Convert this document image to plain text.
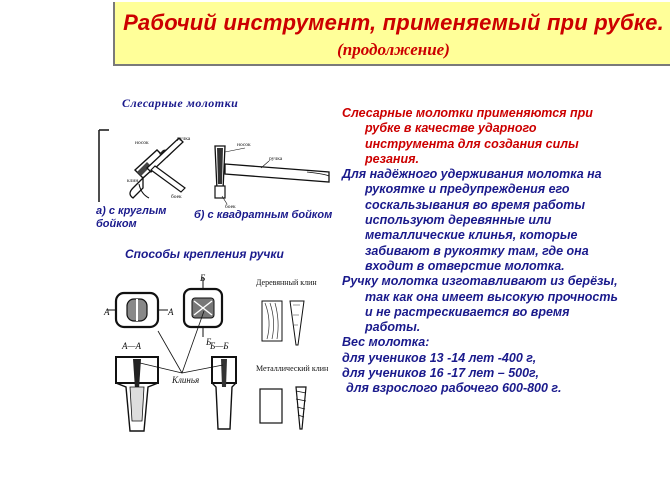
Рабочий инструмент, применяемый при рубке.
(продолжение)
Слесарные молотки
носок
ручка
клин
боек
носок
ручка
боек
а) с круглым
бойком
б) с квадратным бойком
Способы крепления ручки
А	А
Б
Б
А—А	Б—Б
Клинья
Деревянный клин
Металлический клин

Слесарные молотки применяются при рубке в качестве ударного инструмента для создания силы резания.

Для надёжного удерживания молотка на рукоятке и предупреждения его соскальзывания во время работы используют деревянные или металлические клинья, которые забивают в рукоятку там, где она входит в отверстие молотка.

Ручку молотка изготавливают из берёзы, так как она имеет высокую прочность и не растрескивается во время работы.

Вес молотка:

для учеников 13 -14 лет -400 г,

для учеников 16 -17 лет – 500г,

для взрослого рабочего 600-800 г.
